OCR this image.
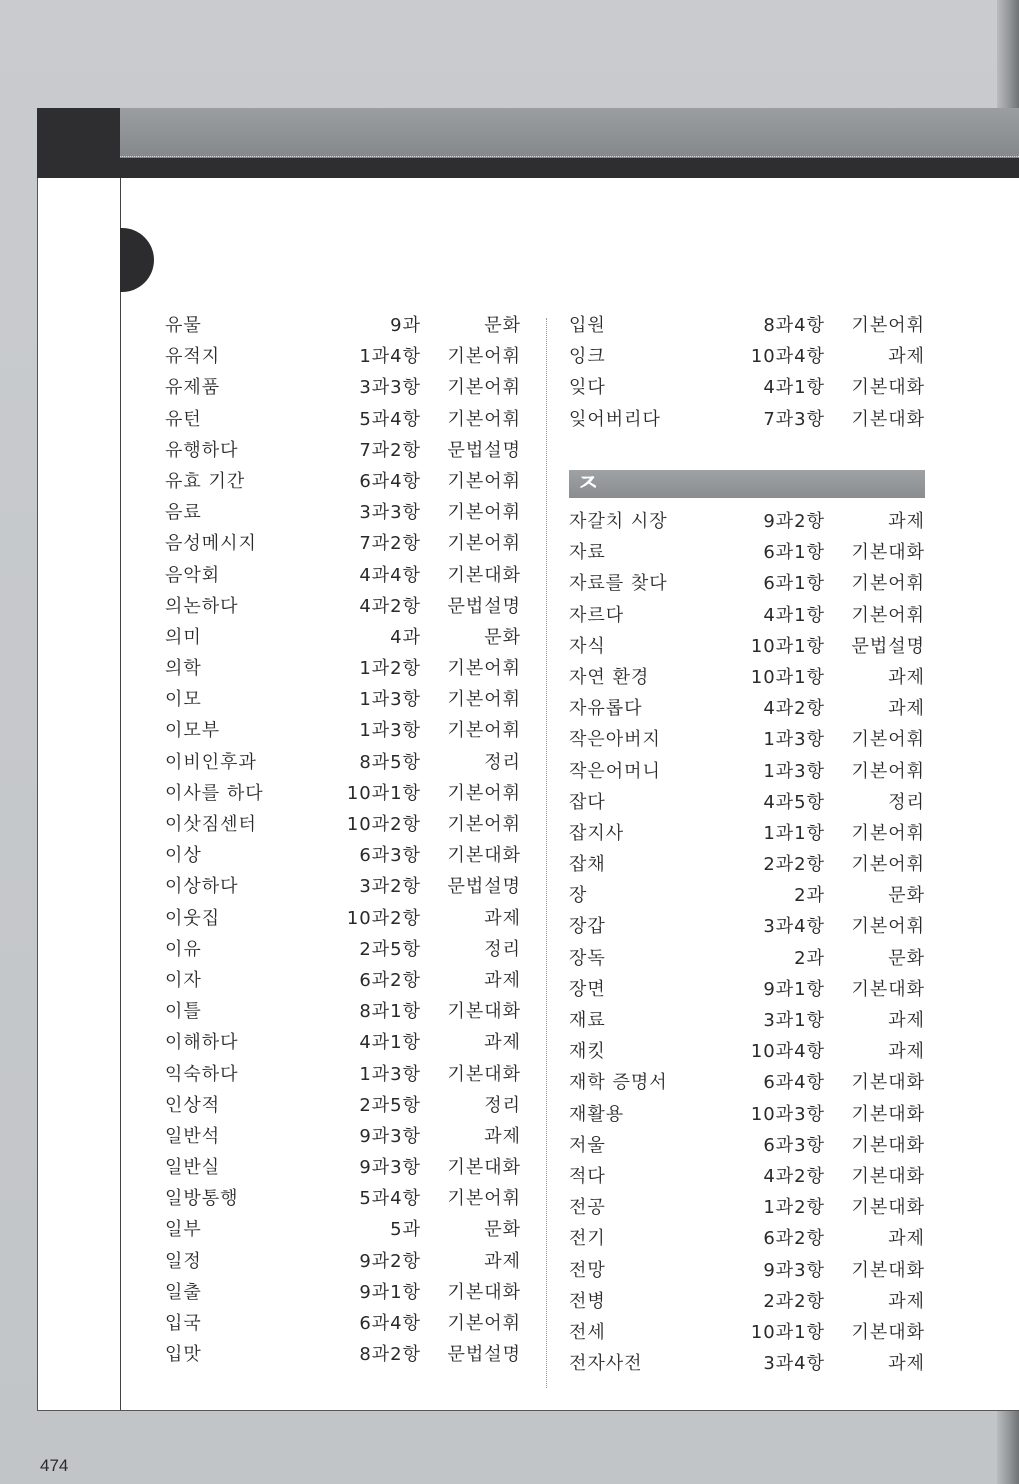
유물	9과	문화
유적지	1과4항 기본어휘
유제품	3과3항 기본어휘
유턴	5과4항 기본어휘
유행하다	7과2항 문법설명
유효 기간	6과4항 기본어휘
음료	3과3항 기본어휘
음성메시지	7과2항 기본어휘
음악회	4과4항 기본대화
의논하다	4과2항 문법설명
의미	4과	문화
의학	1과2항 기본어휘
이모	1과3항 기본어휘
이모부	1과3항 기본어휘
이비인후과	8과5항	정리
이사를 하다	10과1항 기본어휘
이삿짐센터	10과2항 기본어휘
이상	6과3항 기본대화
이상하다	3과2항 문법설명
이웃집	10과2항	과제
이유	2과5항	정리
이자	6과2항	과제
이틀	8과1항 기본대화
이해하다	4과1항	과제
익숙하다	1과3항 기본대화
인상적	2과5항	정리
일반석	9과3항	과제
일반실	9과3항 기본대화
일방통행	5과4항 기본어휘
일부	5과	문화
일정	9과2항	과제
일출	9과1항 기본대화
입국	6과4항 기본어휘
입맛	8과2항 문법설명
입원	8과4항 기본어휘
잉크	10과4항	과제
잊다	4과1항 기본대화
잊어버리다	7과3항 기본대화
ㅈ
자갈치 시장	9과2항	과제
자료	6과1항 기본대화
자료를 찾다	6과1항 기본어휘
자르다	4과1항 기본어휘
자식	10과1항 문법설명
자연 환경	10과1항	과제
자유롭다	4과2항	과제
작은아버지	1과3항 기본어휘
작은어머니	1과3항 기본어휘
잡다	4과5항	정리
잡지사	1과1항 기본어휘
잡채	2과2항 기본어휘
장	2과	문화
장갑	3과4항 기본어휘
장독	2과	문화
장면	9과1항 기본대화
재료	3과1항	과제
재킷	10과4항	과제
재학 증명서	6과4항 기본대화
재활용	10과3항 기본대화
저울	6과3항 기본대화
적다	4과2항 기본대화
전공	1과2항 기본대화
전기	6과2항	과제
전망	9과3항 기본대화
전병	2과2항	과제
전세	10과1항 기본대화
전자사전	3과4항	과제
474
